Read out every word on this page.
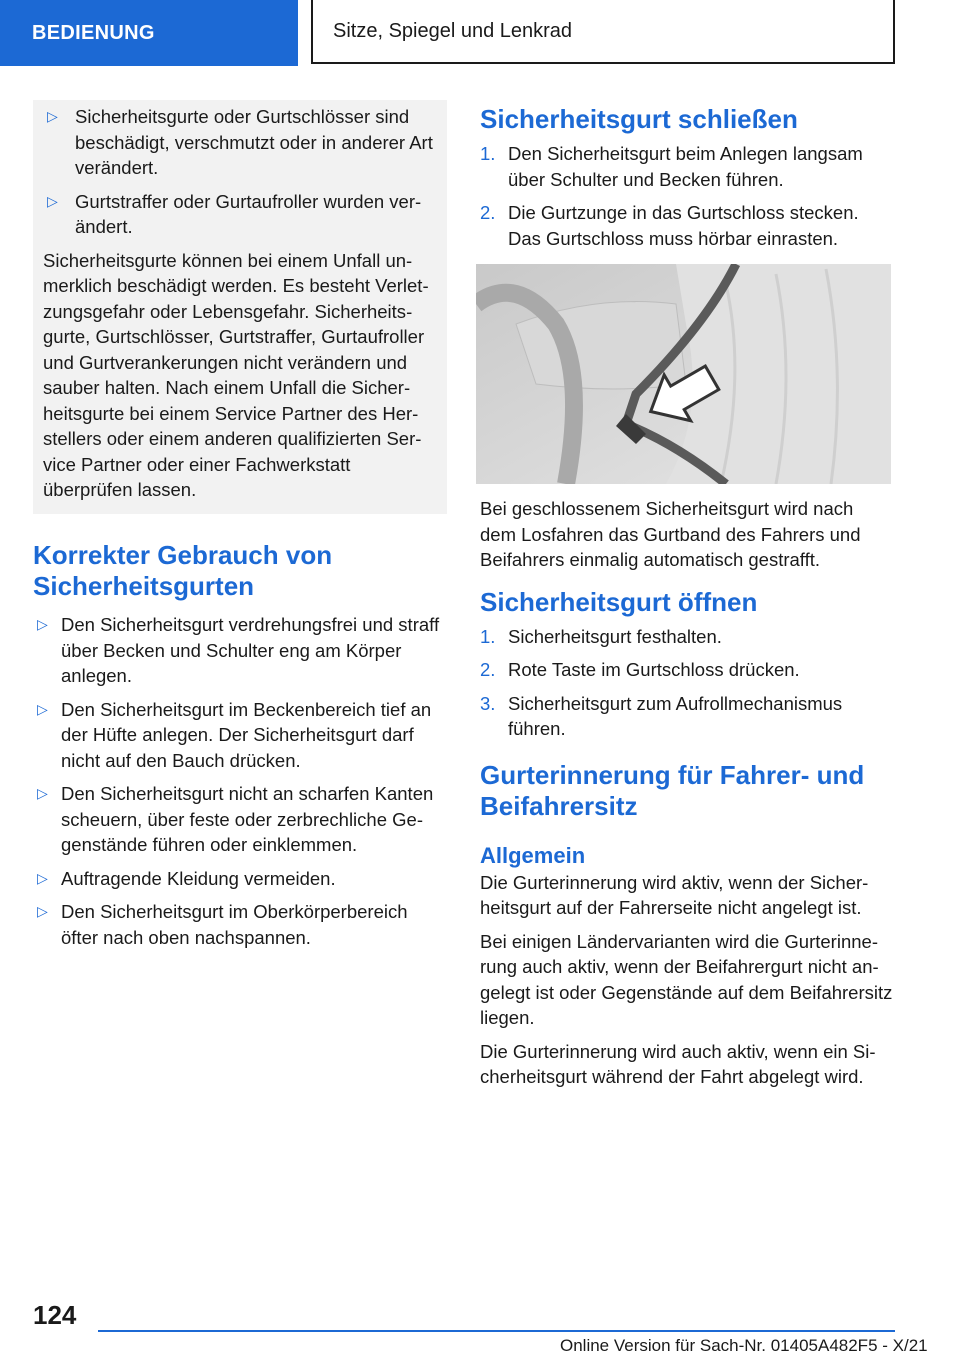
BEDIENUNG	Sitze, Spiegel und Lenkrad
▷ Sicherheitsgurte oder Gurtschlösser sind beschädigt, verschmutzt oder in anderer Art verändert.
▷ Gurtstraffer oder Gurtaufroller wurden verändert.

Sicherheitsgurte können bei einem Unfall unmerklich beschädigt werden. Es besteht Verletzungsgefahr oder Lebensgefahr. Sicherheitsgurte, Gurtschlösser, Gurtstraffer, Gurtaufroller und Gurtverankerungen nicht verändern und sauber halten. Nach einem Unfall die Sicherheitsgurte bei einem Service Partner des Herstellers oder einem anderen qualifizierten Service Partner oder einer Fachwerkstatt überprüfen lassen.

Korrekter Gebrauch von Sicherheitsgurten
▷ Den Sicherheitsgurt verdrehungsfrei und straff über Becken und Schulter eng am Körper anlegen.
▷ Den Sicherheitsgurt im Beckenbereich tief an der Hüfte anlegen. Der Sicherheitsgurt darf nicht auf den Bauch drücken.
▷ Den Sicherheitsgurt nicht an scharfen Kanten scheuern, über feste oder zerbrechliche Gegenstände führen oder einklemmen.
▷ Auftragende Kleidung vermeiden.
▷ Den Sicherheitsgurt im Oberkörperbereich öfter nach oben nachspannen.
Sicherheitsgurt schließen
1. Den Sicherheitsgurt beim Anlegen langsam über Schulter und Becken führen.
2. Die Gurtzunge in das Gurtschloss stecken. Das Gurtschloss muss hörbar einrasten.

Bei geschlossenem Sicherheitsgurt wird nach dem Losfahren das Gurtband des Fahrers und Beifahrers einmalig automatisch gestrafft.

Sicherheitsgurt öffnen
1. Sicherheitsgurt festhalten.
2. Rote Taste im Gurtschloss drücken.
3. Sicherheitsgurt zum Aufrollmechanismus führen.
Gurterinnerung für Fahrer- und Beifahrersitz
Allgemein

Die Gurterinnerung wird aktiv, wenn der Sicherheitsgurt auf der Fahrerseite nicht angelegt ist.

Bei einigen Ländervarianten wird die Gurterinnerung auch aktiv, wenn der Beifahrergurt nicht angelegt ist oder Gegenstände auf dem Beifahrersitz liegen.

Die Gurterinnerung wird auch aktiv, wenn ein Sicherheitsgurt während der Fahrt abgelegt wird.

124
Online Version für Sach-Nr. 01405A482F5 - X/21
